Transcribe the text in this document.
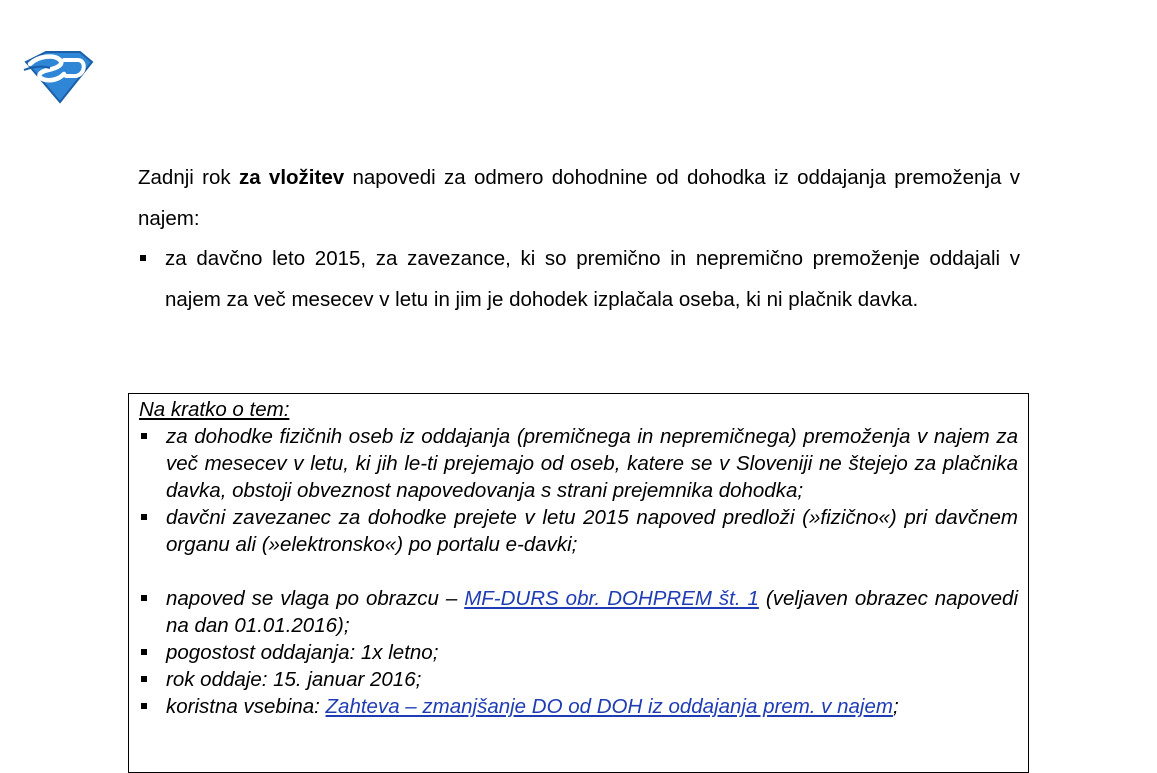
Zadnji rok za vložitev napovedi za odmero dohodnine od dohodka iz oddajanja premoženja v najem:

za davčno leto 2015, za zavezance, ki so premično in nepremično premoženje oddajali v najem za več mesecev v letu in jim je dohodek izplačala oseba, ki ni plačnik davka.

Na kratko o tem:

za dohodke fizičnih oseb iz oddajanja (premičnega in nepremičnega) premoženja v najem za več mesecev v letu, ki jih le-ti prejemajo od oseb, katere se v Sloveniji ne štejejo za plačnika davka, obstoji obveznost napovedovanja s strani prejemnika dohodka;
davčni zavezanec za dohodke prejete v letu 2015 napoved predloži (»fizično«) pri davčnem organu ali (»elektronsko«) po portalu e-davki;
napoved se vlaga po obrazcu – MF-DURS obr. DOHPREM št. 1 (veljaven obrazec napovedi na dan 01.01.2016);
pogostost oddajanja: 1x letno;
rok oddaje: 15. januar 2016;
koristna vsebina: Zahteva – zmanjšanje DO od DOH iz oddajanja prem. v najem;
